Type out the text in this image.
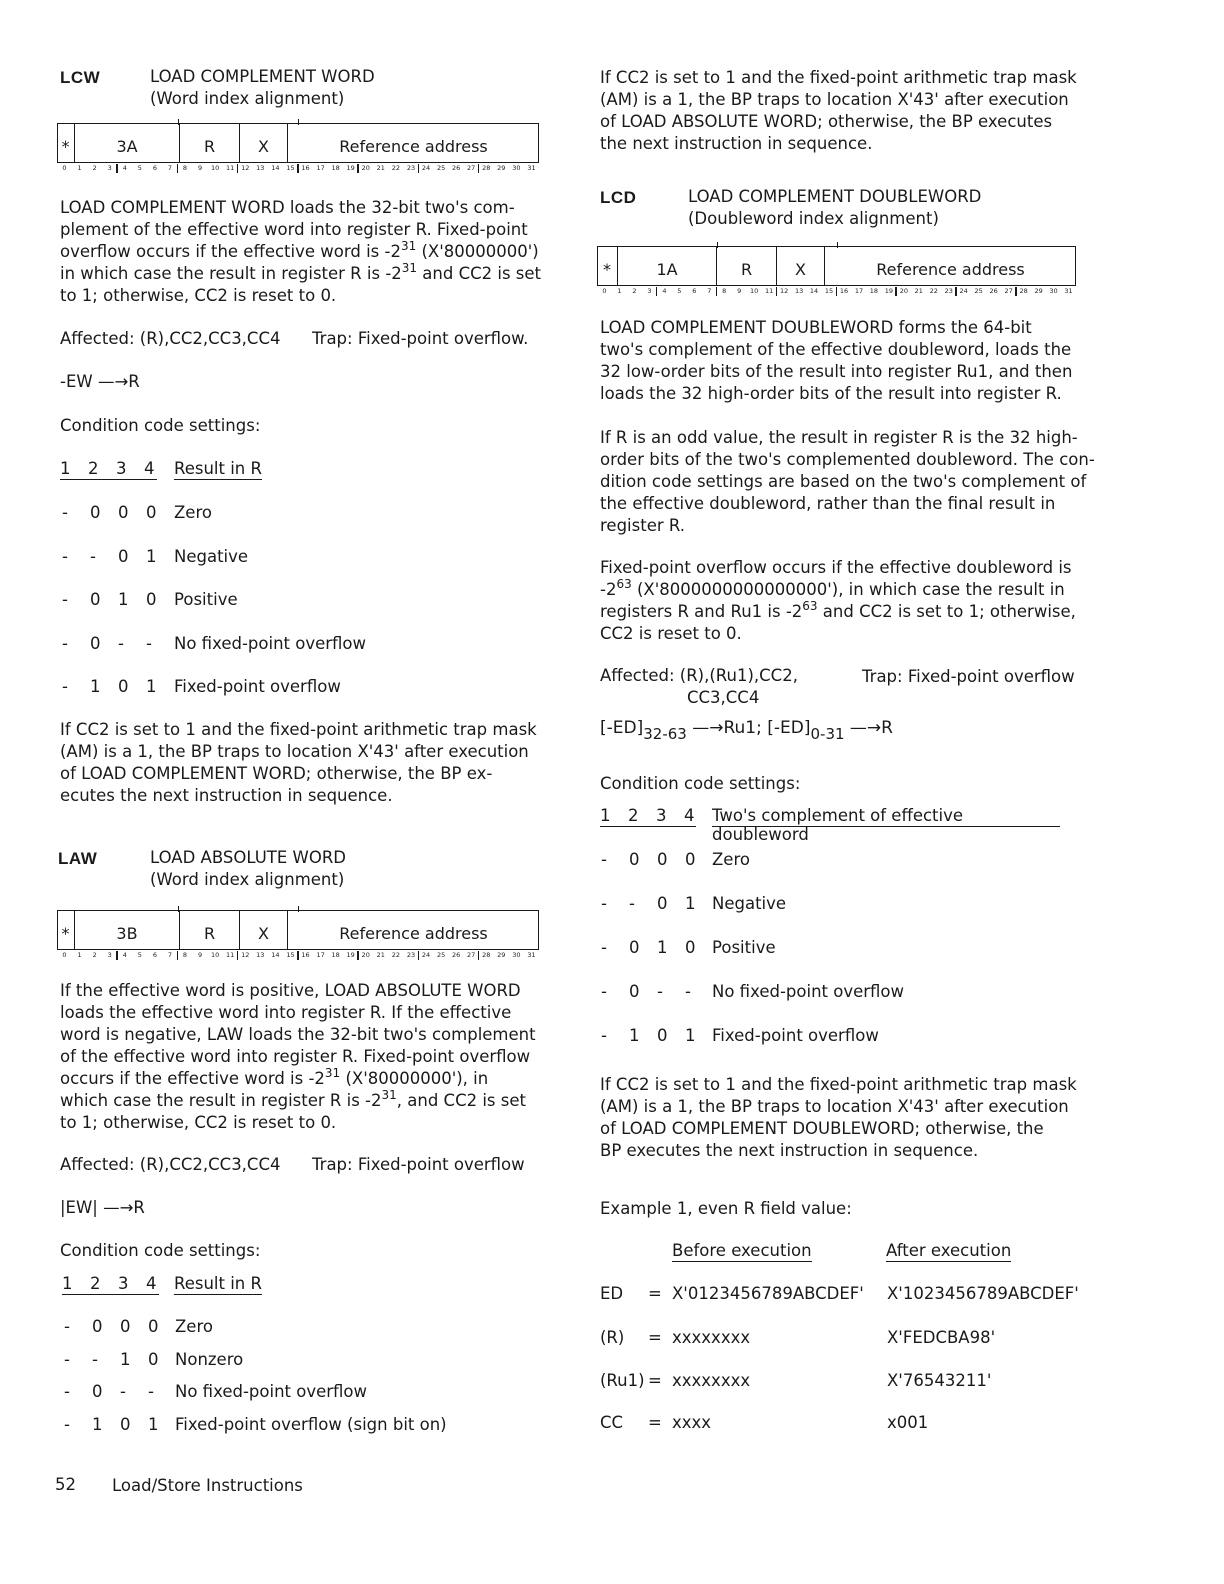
LCW	LOAD COMPLEMENT WORD
(Word index alignment)
*	3A	R	X	Reference address
0	1	2	3	4	5	6	7	8	9	10	11	12	13	14	15	16	17	18	19	20	21	22	23	24	25	26	27	28	29	30	31
LOAD COMPLEMENT WORD loads the 32-bit two's com-
plement of the effective word into register R. Fixed-point
overflow occurs if the effective word is $-2^{31}$ (X'80000000')
in which case the result in register R is $-2^{31}$ and CC2 is set
to 1; otherwise, CC2 is reset to 0.
Affected: (R),CC2,CC3,CC4 Trap: Fixed-point overflow.
-EW —→R
Condition code settings:
1 2 3 4 Result in R
- 0 0 0 Zero
- - 0 1 Negative
- 0 1 0 Positive
- 0 - - No fixed-point overflow
- 1 0 1 Fixed-point overflow
If CC2 is set to 1 and the fixed-point arithmetic trap mask
(AM) is a 1, the BP traps to location X'43' after execution
of LOAD COMPLEMENT WORD; otherwise, the BP ex-
ecutes the next instruction in sequence.
LAW	LOAD ABSOLUTE WORD
(Word index alignment)
*	3B	R	X	Reference address
0	1	2	3	4	5	6	7	8	9	10	11	12	13	14	15	16	17	18	19	20	21	22	23	24	25	26	27	28	29	30	31
If the effective word is positive, LOAD ABSOLUTE WORD
loads the effective word into register R. If the effective
word is negative, LAW loads the 32-bit two's complement
of the effective word into register R. Fixed-point overflow
occurs if the effective word is $-2^{31}$ (X'80000000'), in
which case the result in register R is $-2^{31}$, and CC2 is set
to 1; otherwise, CC2 is reset to 0.
Affected: (R),CC2,CC3,CC4 Trap: Fixed-point overflow
|EW| —→R
Condition code settings:
1 2 3 4 Result in R
- 0 0 0 Zero
- - 1 0 Nonzero
- 0 - - No fixed-point overflow
- 1 0 1 Fixed-point overflow (sign bit on)
52 Load/Store Instructions
If CC2 is set to 1 and the fixed-point arithmetic trap mask
(AM) is a 1, the BP traps to location X'43' after execution
of LOAD ABSOLUTE WORD; otherwise, the BP executes
the next instruction in sequence.
LCD	LOAD COMPLEMENT DOUBLEWORD
(Doubleword index alignment)
*	1A	R	X	Reference address
0	1	2	3	4	5	6	7	8	9	10	11	12	13	14	15	16	17	18	19	20	21	22	23	24	25	26	27	28	29	30	31
LOAD COMPLEMENT DOUBLEWORD forms the 64-bit
two's complement of the effective doubleword, loads the
32 low-order bits of the result into register Ru1, and then
loads the 32 high-order bits of the result into register R.
If R is an odd value, the result in register R is the 32 high-
order bits of the two's complemented doubleword. The con-
dition code settings are based on the two's complement of
the effective doubleword, rather than the final result in
register R.
Fixed-point overflow occurs if the effective doubleword is
$-2^{63}$ (X'8000000000000000'), in which case the result in
registers R and Ru1 is $-2^{63}$ and CC2 is set to 1; otherwise,
CC2 is reset to 0.
Affected: (R),(Ru1),CC2,
CC3,CC4
Trap: Fixed-point overflow
$[-ED]_{32-63}$ —→Ru1; $[-ED]_{0-31}$ —→R
Condition code settings:
1 2 3 4 Two's complement of effective doubleword
- 0 0 0 Zero
- - 0 1 Negative
- 0 1 0 Positive
- 0 - - No fixed-point overflow
- 1 0 1 Fixed-point overflow
If CC2 is set to 1 and the fixed-point arithmetic trap mask
(AM) is a 1, the BP traps to location X'43' after execution
of LOAD COMPLEMENT DOUBLEWORD; otherwise, the
BP executes the next instruction in sequence.
Example 1, even R field value:
Before execution	After execution
ED = X'0123456789ABCDEF' X'1023456789ABCDEF'
(R) = xxxxxxxx	X'FEDCBA98'
(Ru1) = xxxxxxxx	X'76543211'
CC = xxxx	x001
